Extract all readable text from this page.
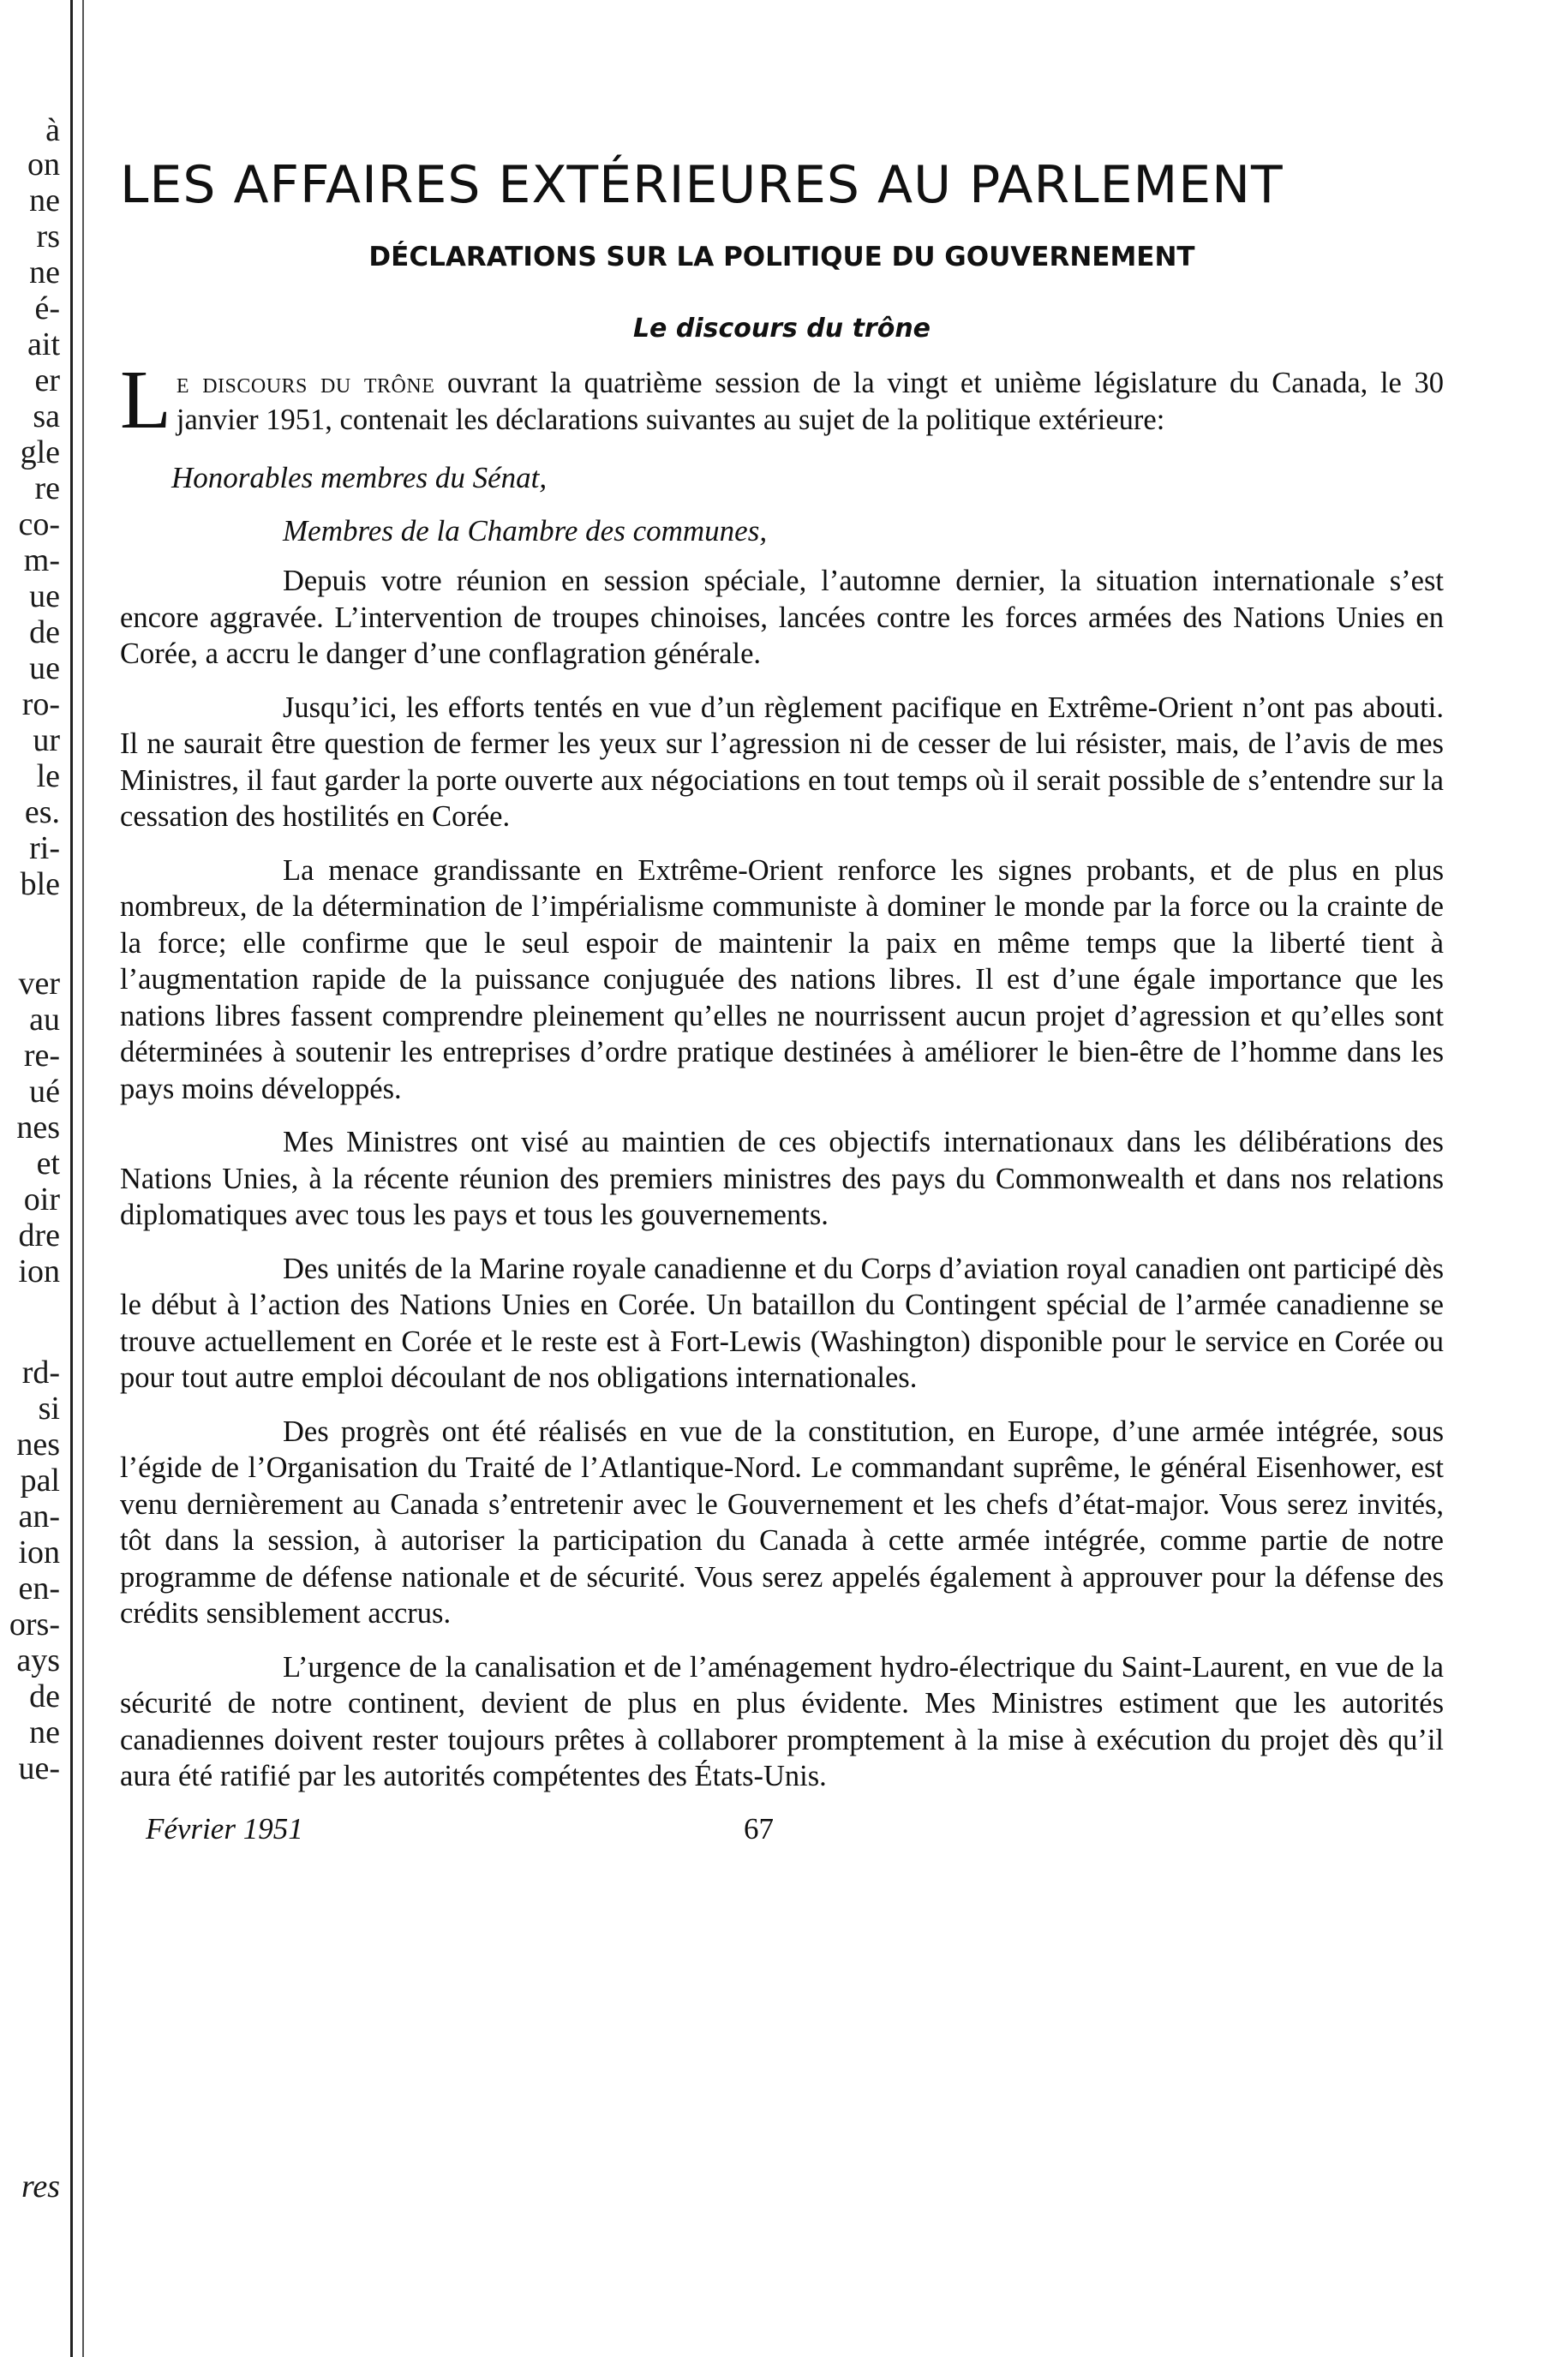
à
on
ne
rs
ne
é-
ait
er
sa
gle
re
co-
m-
ue
de
ue
ro-
ur
le
es.
ri-
ble
ver
au
re-
ué
nes
et
oir
dre
ion
rd-
si
nes
pal
an-
ion
en-
ors-
ays
de
ne
ue-
res
LES AFFAIRES EXTÉRIEURES AU PARLEMENT
DÉCLARATIONS SUR LA POLITIQUE DU GOUVERNEMENT
Le discours du trône
Le discours du trône ouvrant la quatrième session de la vingt et unième législature du Canada, le 30 janvier 1951, contenait les déclarations suivantes au sujet de la politique extérieure:
Honorables membres du Sénat,
Membres de la Chambre des communes,

Depuis votre réunion en session spéciale, l’automne dernier, la situation internationale s’est encore aggravée. L’intervention de troupes chinoises, lancées contre les forces armées des Nations Unies en Corée, a accru le danger d’une conflagration générale.

Jusqu’ici, les efforts tentés en vue d’un règlement pacifique en Extrême-Orient n’ont pas abouti. Il ne saurait être question de fermer les yeux sur l’agression ni de cesser de lui résister, mais, de l’avis de mes Ministres, il faut garder la porte ouverte aux négociations en tout temps où il serait possible de s’entendre sur la cessation des hostilités en Corée.

La menace grandissante en Extrême-Orient renforce les signes probants, et de plus en plus nombreux, de la détermination de l’impérialisme communiste à dominer le monde par la force ou la crainte de la force; elle confirme que le seul espoir de maintenir la paix en même temps que la liberté tient à l’augmentation rapide de la puissance conjuguée des nations libres. Il est d’une égale importance que les nations libres fassent comprendre pleinement qu’elles ne nourrissent aucun projet d’agression et qu’elles sont déterminées à soutenir les entreprises d’ordre pratique destinées à améliorer le bien-être de l’homme dans les pays moins développés.

Mes Ministres ont visé au maintien de ces objectifs internationaux dans les délibérations des Nations Unies, à la récente réunion des premiers ministres des pays du Commonwealth et dans nos relations diplomatiques avec tous les pays et tous les gouvernements.

Des unités de la Marine royale canadienne et du Corps d’aviation royal canadien ont participé dès le début à l’action des Nations Unies en Corée. Un bataillon du Contingent spécial de l’armée canadienne se trouve actuellement en Corée et le reste est à Fort-Lewis (Washington) disponible pour le service en Corée ou pour tout autre emploi découlant de nos obligations internationales.

Des progrès ont été réalisés en vue de la constitution, en Europe, d’une armée intégrée, sous l’égide de l’Organisation du Traité de l’Atlantique-Nord. Le commandant suprême, le général Eisenhower, est venu dernièrement au Canada s’entretenir avec le Gouvernement et les chefs d’état-major. Vous serez invités, tôt dans la session, à autoriser la participation du Canada à cette armée intégrée, comme partie de notre programme de défense nationale et de sécurité. Vous serez appelés également à approuver pour la défense des crédits sensiblement accrus.

L’urgence de la canalisation et de l’aménagement hydro-électrique du Saint-Laurent, en vue de la sécurité de notre continent, devient de plus en plus évidente. Mes Ministres estiment que les autorités canadiennes doivent rester toujours prêtes à collaborer promptement à la mise à exécution du projet dès qu’il aura été ratifié par les autorités compétentes des États-Unis.

Février 1951	67
